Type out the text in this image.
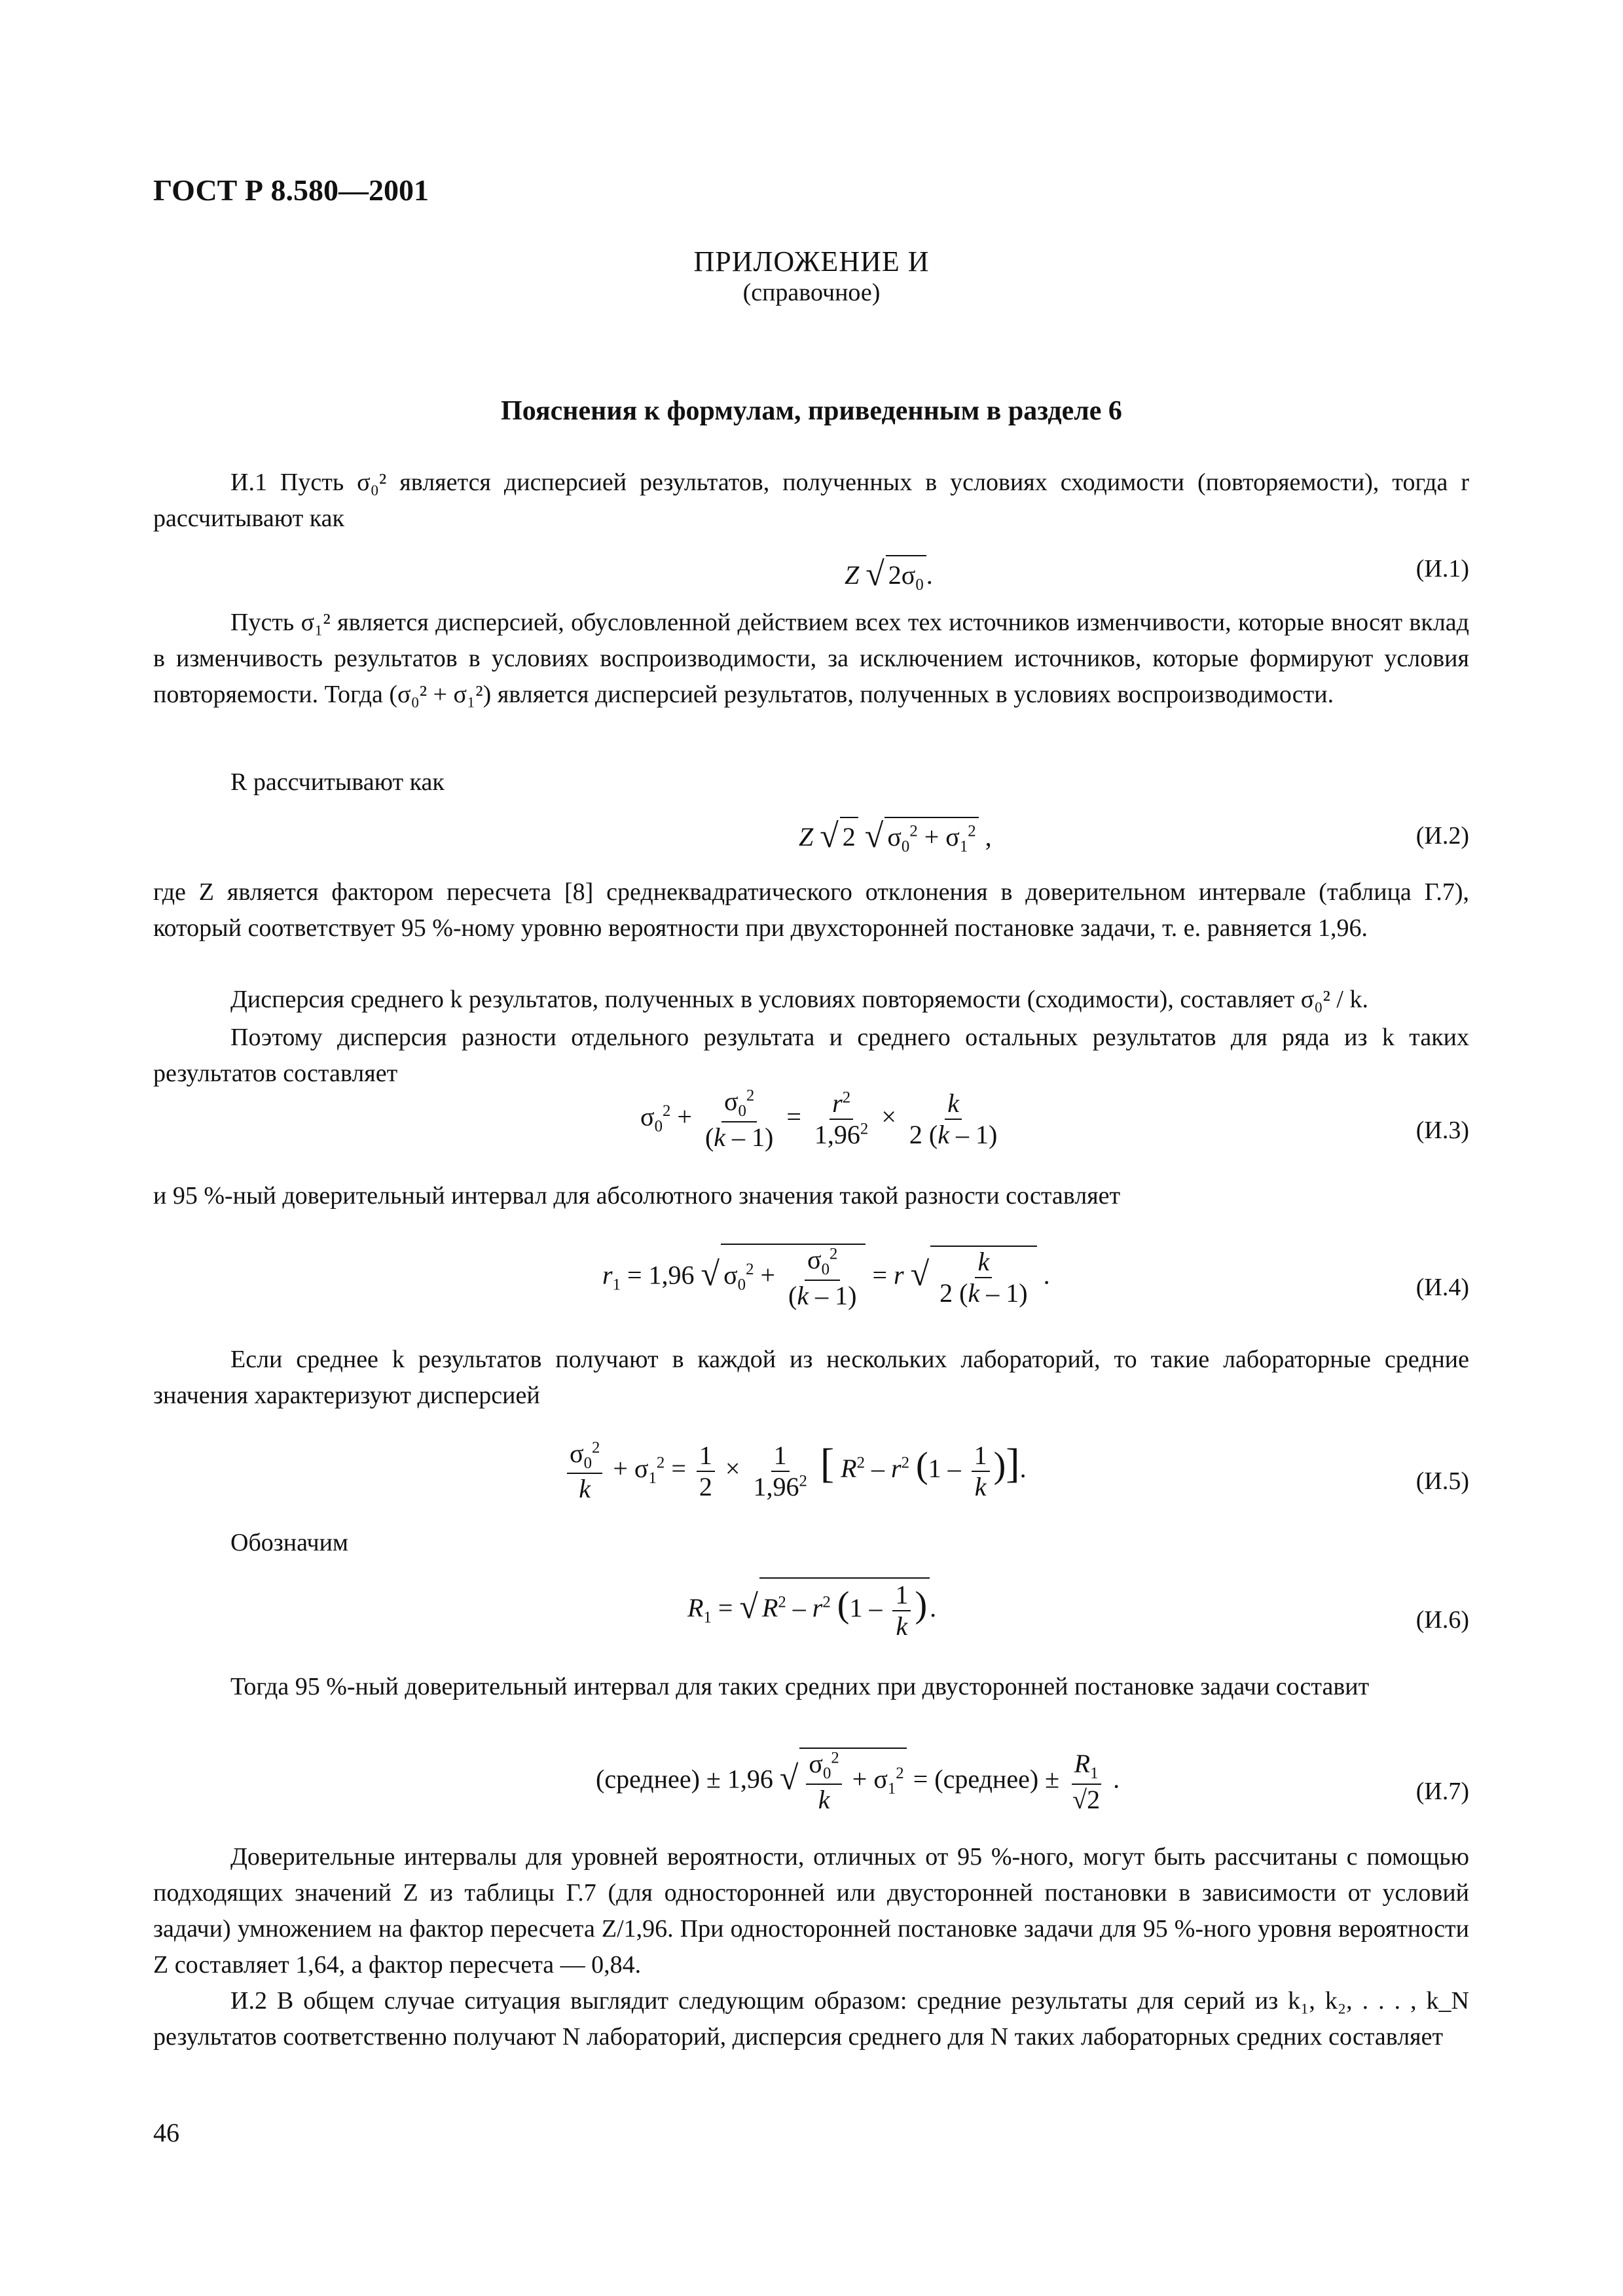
ГОСТ Р 8.580—2001
ПРИЛОЖЕНИЕ И
(справочное)
Пояснения к формулам, приведенным в разделе 6
И.1 Пусть σ₀² является дисперсией результатов, полученных в условиях сходимости (повторяемости), тогда r рассчитывают как
Z √ $2\sigma_0$ .	(И.1)
Пусть σ₁² является дисперсией, обусловленной действием всех тех источников изменчивости, которые вносят вклад в изменчивость результатов в условиях воспроизводимости, за исключением источников, которые формируют условия повторяемости. Тогда (σ₀² + σ₁²) является дисперсией результатов, полученных в условиях воспроизводимости.
R рассчитывают как
Z √ 2 √ $\sigma_0^2 + \sigma_1^2$ ,	(И.2)
где Z является фактором пересчета [8] среднеквадратического отклонения в доверительном интервале (таблица Г.7), который соответствует 95 %-ному уровню вероятности при двухсторонней постановке задачи, т. е. равняется 1,96.
Дисперсия среднего k результатов, полученных в условиях повторяемости (сходимости), составляет σ₀² / k.
Поэтому дисперсия разности отдельного результата и среднего остальных результатов для ряда из k таких результатов составляет
$\sigma_0^2 + \frac{\sigma_0^2}{(k - 1)} = \frac{r^2}{1,96^2} \times \frac{k}{2 (k - 1)}$	(И.3)
и 95 %-ный доверительный интервал для абсолютного значения такой разности составляет
$r_1 = 1,96$ √ $\sigma_0^2 + \frac{\sigma_0^2}{(k - 1)} = r$ √ $\frac{k}{2 (k - 1)}$ .	(И.4)
Если среднее k результатов получают в каждой из нескольких лабораторий, то такие лабораторные средние значения характеризуют дисперсией
$\frac{\sigma_0^2}{k} + \sigma_1^2 = \frac{1}{2} \times \frac{1}{1,96^2}$ [ $R^2 - r^2$ ($1 - \frac{1}{k}$ )].	(И.5)
Обозначим
$R_1$ = √ $R^2 - r^2$ ($1 - \frac{1}{k}$ ) .	(И.6)
Тогда 95 %-ный доверительный интервал для таких средних при двусторонней постановке задачи составит
(среднее) ± 1,96 √ $\frac{\sigma_0^2}{k} + \sigma_1^2$ = (среднее) ± $\frac{R_1}{√2}$ .	(И.7)
Доверительные интервалы для уровней вероятности, отличных от 95 %-ного, могут быть рассчитаны с помощью подходящих значений Z из таблицы Г.7 (для односторонней или двусторонней постановки в зависимости от условий задачи) умножением на фактор пересчета Z/1,96. При односторонней постановке задачи для 95 %-ного уровня вероятности Z составляет 1,64, а фактор пересчета — 0,84.
И.2 В общем случае ситуация выглядит следующим образом: средние результаты для серий из k₁, k₂, . . . , k_N результатов соответственно получают N лабораторий, дисперсия среднего для N таких лабораторных средних составляет
46
